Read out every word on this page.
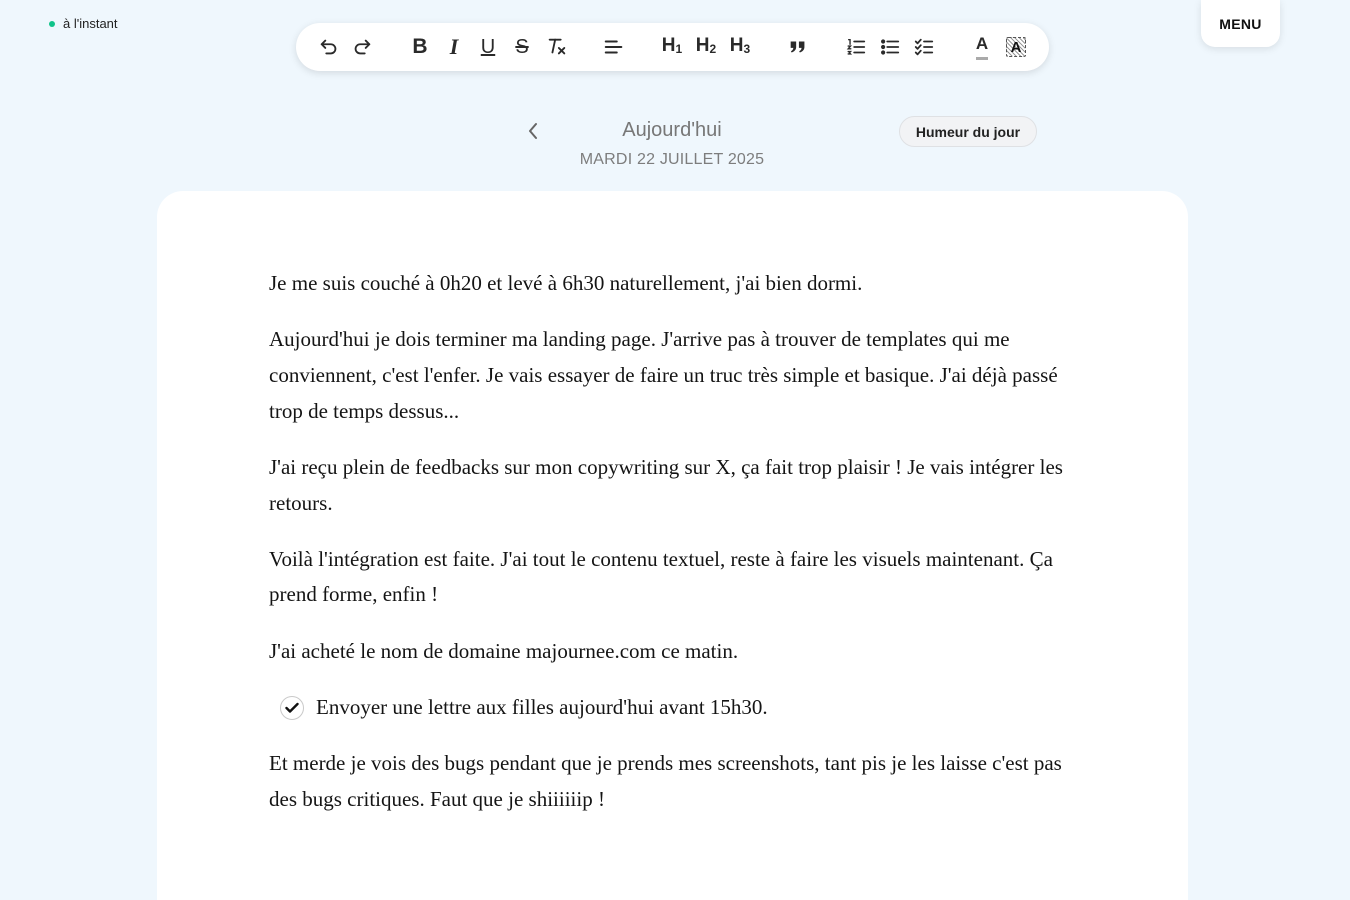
à l'instant
B I U S	$H_1$ $H_2$ $H_3$	A A
MENU
Aujourd'hui
MARDI 22 JUILLET 2025
Humeur du jour

Je me suis couché à 0h20 et levé à 6h30 naturellement, j'ai bien dormi.

Aujourd'hui je dois terminer ma landing page. J'arrive pas à trouver de templates qui me conviennent, c'est l'enfer. Je vais essayer de faire un truc très simple et basique. J'ai déjà passé trop de temps dessus...

J'ai reçu plein de feedbacks sur mon copywriting sur X, ça fait trop plaisir ! Je vais intégrer les retours.

Voilà l'intégration est faite. J'ai tout le contenu textuel, reste à faire les visuels maintenant. Ça prend forme, enfin !

J'ai acheté le nom de domaine majournee.com ce matin.

Envoyer une lettre aux filles aujourd'hui avant 15h30.

Et merde je vois des bugs pendant que je prends mes screenshots, tant pis je les laisse c'est pas des bugs critiques. Faut que je shiiiiiip !
